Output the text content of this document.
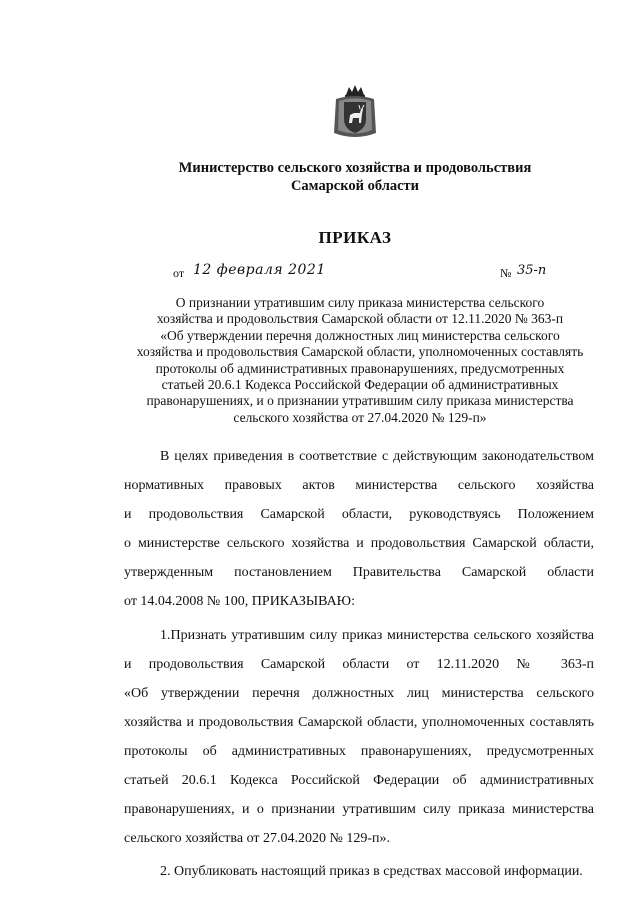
Министерство сельского хозяйства и продовольствия
Самарской области
ПРИКАЗ
от 12 февраля 2021	№ 35-п
О признании утратившим силу приказа министерства сельского
хозяйства и продовольствия Самарской области от 12.11.2020 № 363-п
«Об утверждении перечня должностных лиц министерства сельского
хозяйства и продовольствия Самарской области, уполномоченных составлять
протоколы об административных правонарушениях, предусмотренных
статьей 20.6.1 Кодекса Российской Федерации об административных
правонарушениях, и о признании утратившим силу приказа министерства
сельского хозяйства от 27.04.2020 № 129-п»
В целях приведения в соответствие с действующим законодательством
нормативных правовых актов министерства сельского хозяйства
и продовольствия Самарской области, руководствуясь Положением
о министерстве сельского хозяйства и продовольствия Самарской области,
утвержденным постановлением Правительства Самарской области
от 14.04.2008 № 100, ПРИКАЗЫВАЮ:
1.Признать утратившим силу приказ министерства сельского хозяйства
и продовольствия Самарской области от 12.11.2020 № 363-п
«Об утверждении перечня должностных лиц министерства сельского
хозяйства и продовольствия Самарской области, уполномоченных составлять
протоколы об административных правонарушениях, предусмотренных
статьей 20.6.1 Кодекса Российской Федерации об административных
правонарушениях, и о признании утратившим силу приказа министерства
сельского хозяйства от 27.04.2020 № 129-п».
2. Опубликовать настоящий приказ в средствах массовой информации.
